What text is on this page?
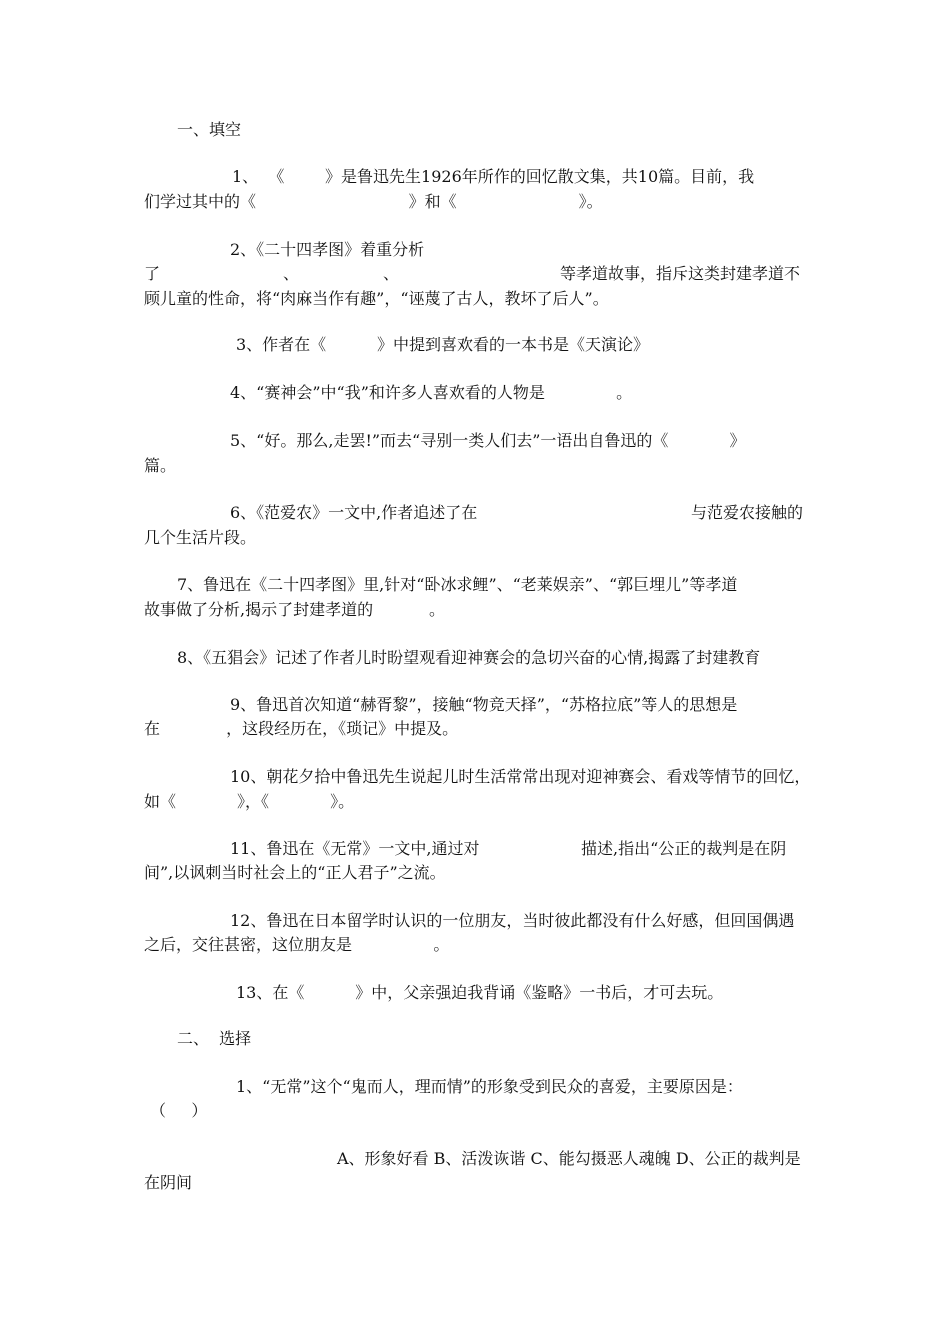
一、填空
1、  《        》是鲁迅先生1926年所作的回忆散文集，共10篇。目前，我
们学过其中的《                              》和《                        》。
2、《二十四孝图》着重分析
了	、	、	等孝道故事，指斥这类封建孝道不
顾儿童的性命，将“肉麻当作有趣”，“诬蔑了古人，教坏了后人”。
3、作者在《          》中提到喜欢看的一本书是《天演论》
4、“赛神会”中“我”和许多人喜欢看的人物是              。
5、“好。那么,走罢!”而去“寻别一类人们去”一语出自鲁迅的《            》
篇。
6、《范爱农》一文中,作者追述了在	与范爱农接触的
几个生活片段。
7、鲁迅在《二十四孝图》里,针对“卧冰求鲤”、“老莱娱亲”、“郭巨埋儿”等孝道
故事做了分析,揭示了封建孝道的           。
8、《五猖会》记述了作者儿时盼望观看迎神赛会的急切兴奋的心情,揭露了封建教育
9、鲁迅首次知道“赫胥黎”，接触“物竞天择”，“苏格拉底”等人的思想是
在             ，这段经历在，《琐记》中提及。
10、朝花夕拾中鲁迅先生说起儿时生活常常出现对迎神赛会、看戏等情节的回忆，
如《            》，《            》。
11、鲁迅在《无常》一文中,通过对	描述,指出“公正的裁判是在阴
间”,以讽刺当时社会上的“正人君子”之流。
12、鲁迅在日本留学时认识的一位朋友，当时彼此都没有什么好感，但回国偶遇
之后，交往甚密，这位朋友是                。
13、在《          》中，父亲强迫我背诵《鉴略》一书后，才可去玩。
二、  选择
1、“无常”这个“鬼而人，理而情”的形象受到民众的喜爱，主要原因是：
（     ）
A、形象好看 B、活泼诙谐 C、能勾摄恶人魂魄 D、公正的裁判是
在阴间
